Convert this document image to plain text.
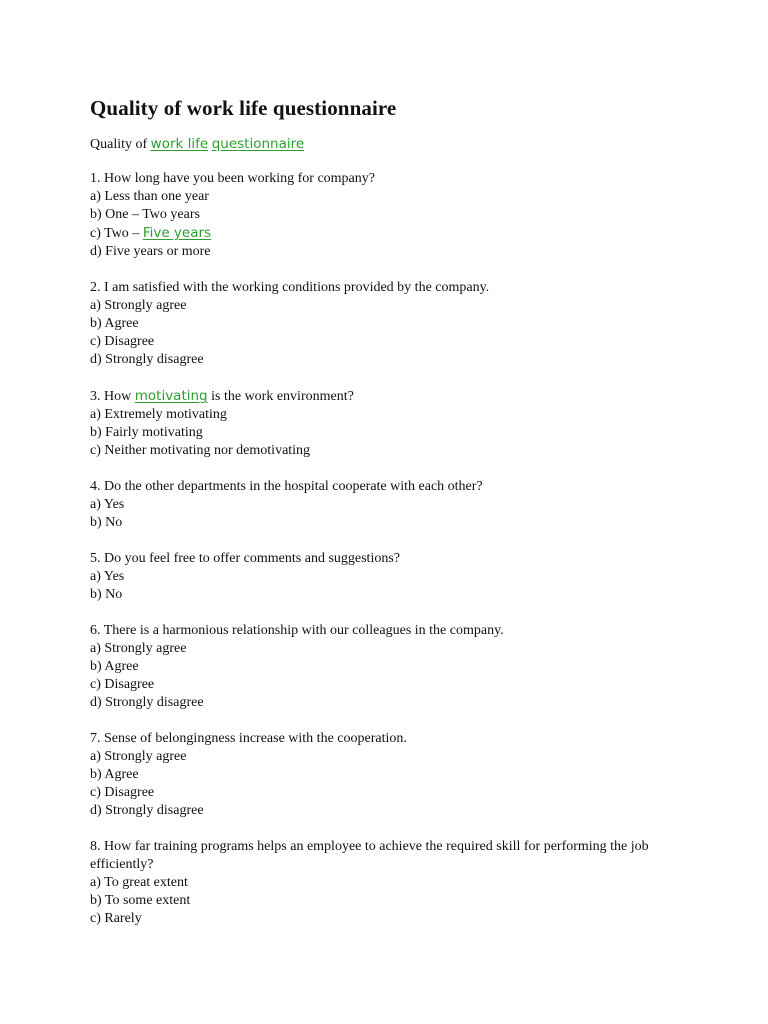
Quality of work life questionnaire
Quality of work life questionnaire
1. How long have you been working for company?
a) Less than one year
b) One – Two years
c) Two – Five years
d) Five years or more
2. I am satisfied with the working conditions provided by the company.
a) Strongly agree
b) Agree
c) Disagree
d) Strongly disagree
3. How motivating is the work environment?
a) Extremely motivating
b) Fairly motivating
c) Neither motivating nor demotivating
4. Do the other departments in the hospital cooperate with each other?
a) Yes
b) No
5. Do you feel free to offer comments and suggestions?
a) Yes
b) No
6. There is a harmonious relationship with our colleagues in the company.
a) Strongly agree
b) Agree
c) Disagree
d) Strongly disagree
7. Sense of belongingness increase with the cooperation.
a) Strongly agree
b) Agree
c) Disagree
d) Strongly disagree
8. How far training programs helps an employee to achieve the required skill for performing the job efficiently?
a) To great extent
b) To some extent
c) Rarely
